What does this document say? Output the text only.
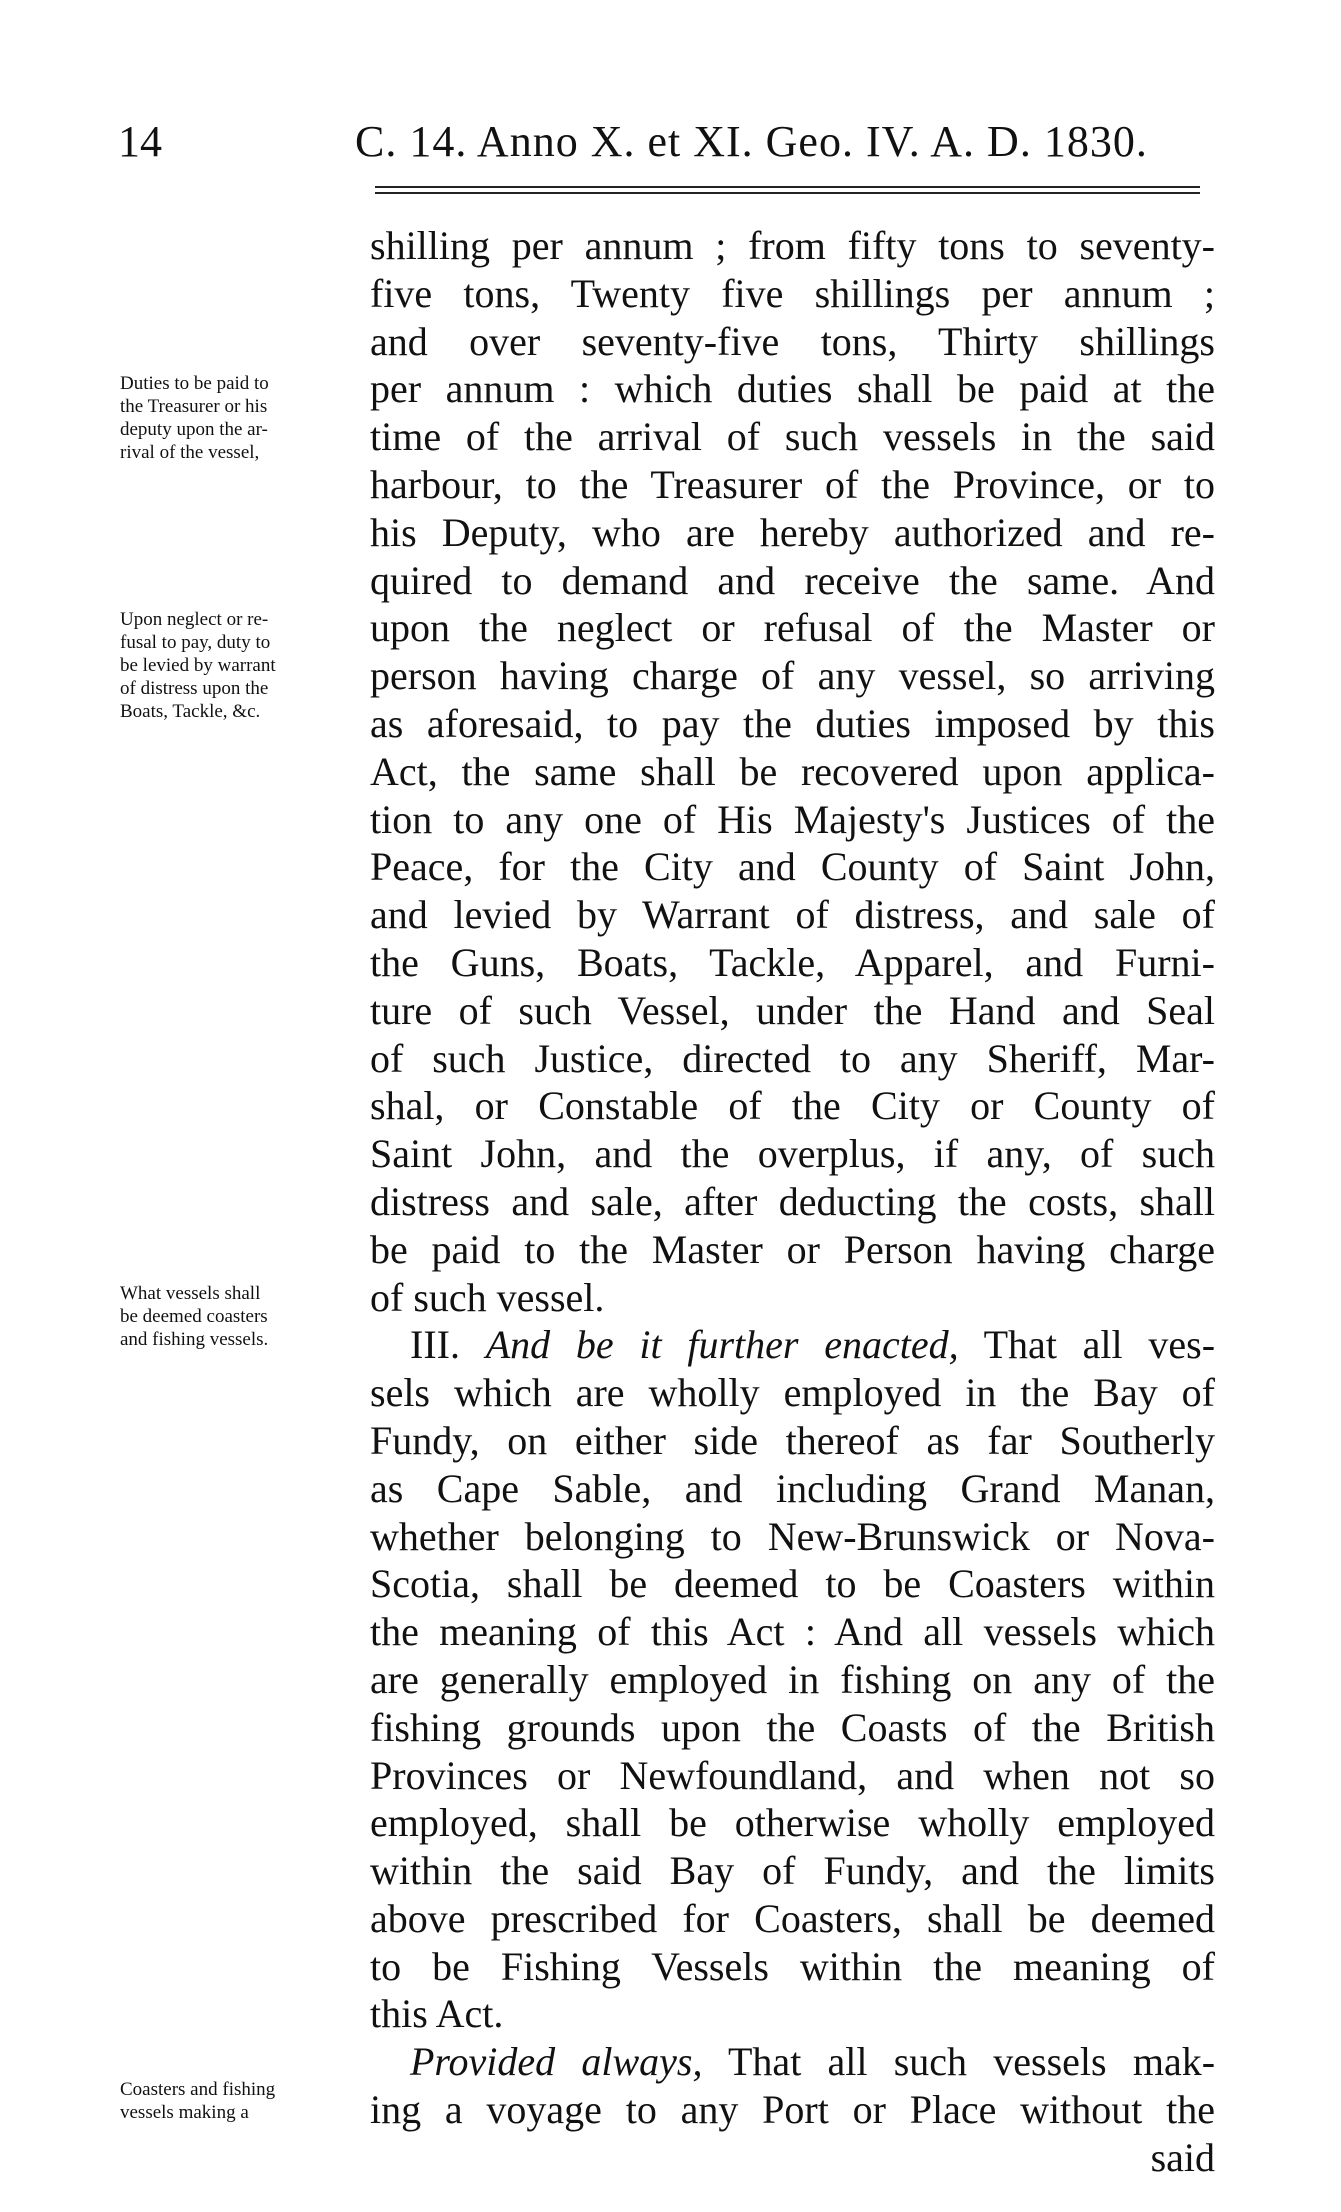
14	C. 14. Anno X. et XI. Geo. IV. A. D. 1830.
Duties to be paid to
the Treasurer or his
deputy upon the ar-
rival of the vessel,
Upon neglect or re-
fusal to pay, duty to
be levied by warrant
of distress upon the
Boats, Tackle, &c.
What vessels shall
be deemed coasters
and fishing vessels.
Coasters and fishing
vessels making a
shilling per annum ; from fifty tons to seventy-
five tons, Twenty five shillings per annum ;
and over seventy-five tons, Thirty shillings
per annum : which duties shall be paid at the
time of the arrival of such vessels in the said
harbour, to the Treasurer of the Province, or to
his Deputy, who are hereby authorized and re-
quired to demand and receive the same. And
upon the neglect or refusal of the Master or
person having charge of any vessel, so arriving
as aforesaid, to pay the duties imposed by this
Act, the same shall be recovered upon applica-
tion to any one of His Majesty's Justices of the
Peace, for the City and County of Saint John,
and levied by Warrant of distress, and sale of
the Guns, Boats, Tackle, Apparel, and Furni-
ture of such Vessel, under the Hand and Seal
of such Justice, directed to any Sheriff, Mar-
shal, or Constable of the City or County of
Saint John, and the overplus, if any, of such
distress and sale, after deducting the costs, shall
be paid to the Master or Person having charge
of such vessel.
III. And be it further enacted, That all ves-
sels which are wholly employed in the Bay of
Fundy, on either side thereof as far Southerly
as Cape Sable, and including Grand Manan,
whether belonging to New-Brunswick or Nova-
Scotia, shall be deemed to be Coasters within
the meaning of this Act : And all vessels which
are generally employed in fishing on any of the
fishing grounds upon the Coasts of the British
Provinces or Newfoundland, and when not so
employed, shall be otherwise wholly employed
within the said Bay of Fundy, and the limits
above prescribed for Coasters, shall be deemed
to be Fishing Vessels within the meaning of
this Act.
Provided always, That all such vessels mak-
ing a voyage to any Port or Place without the
said
